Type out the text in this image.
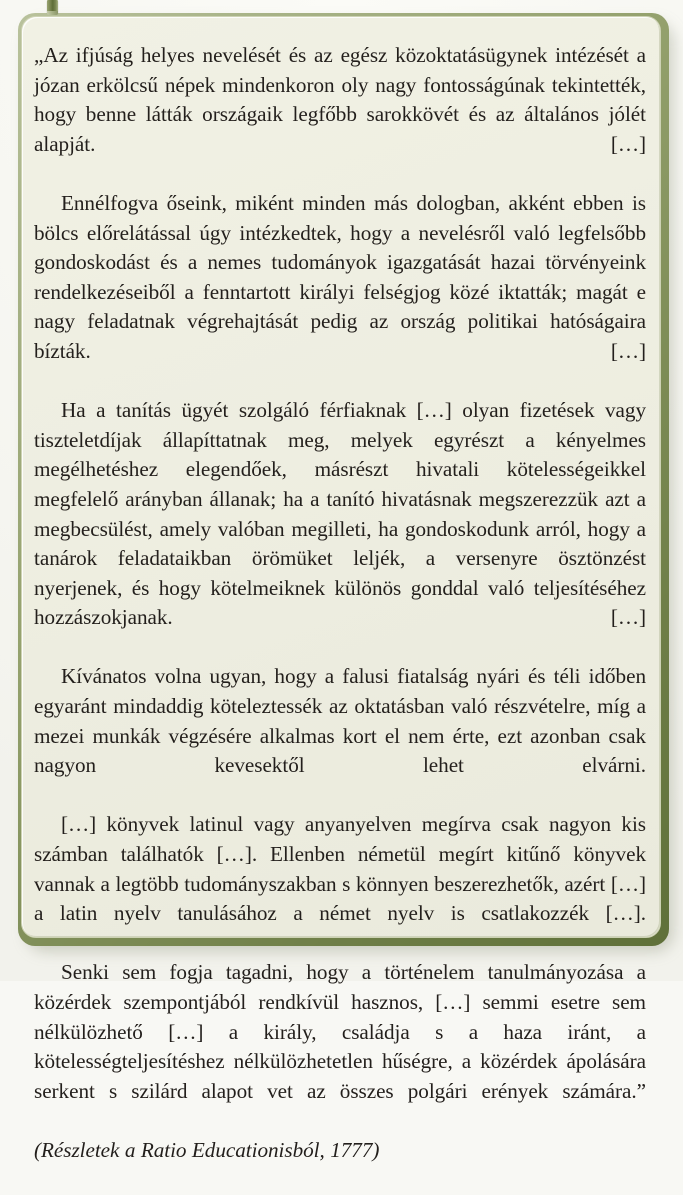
„Az ifjúság helyes nevelését és az egész közoktatásügynek intézését a józan erkölcsű népek mindenkoron oly nagy fontosságúnak tekintették, hogy benne látták országaik legfőbb sarokkövét és az általános jólét alapját. […]

Ennélfogva őseink, miként minden más dologban, akként ebben is bölcs előrelátással úgy intézkedtek, hogy a nevelésről való legfelsőbb gondoskodást és a nemes tudományok igazgatását hazai törvényeink rendelkezéseiből a fenntartott királyi felségjog közé iktatták; magát e nagy feladatnak végrehajtását pedig az ország politikai hatóságaira bízták. […]

Ha a tanítás ügyét szolgáló férfiaknak […] olyan fizetések vagy tiszteletdíjak állapíttatnak meg, melyek egyrészt a kényelmes megélhetéshez elegendőek, másrészt hivatali kötelességeikkel megfelelő arányban állanak; ha a tanító hivatásnak megszerezzük azt a megbecsülést, amely valóban megilleti, ha gondoskodunk arról, hogy a tanárok feladataikban örömüket leljék, a versenyre ösztönzést nyerjenek, és hogy kötelmeiknek különös gonddal való teljesítéséhez hozzászokjanak. […]

Kívánatos volna ugyan, hogy a falusi fiatalság nyári és téli időben egyaránt mindaddig köteleztessék az oktatásban való részvételre, míg a mezei munkák végzésére alkalmas kort el nem érte, ezt azonban csak nagyon kevesektől lehet elvárni.

[…] könyvek latinul vagy anyanyelven megírva csak nagyon kis számban találhatók […]. Ellenben németül megírt kitűnő könyvek vannak a legtöbb tudományszakban s könnyen beszerezhetők, azért […] a latin nyelv tanulásához a német nyelv is csatlakozzék […].

Senki sem fogja tagadni, hogy a történelem tanulmányozása a közérdek szempontjából rendkívül hasznos, […] semmi esetre sem nélkülözhető […] a király, családja s a haza iránt, a kötelességteljesítéshez nélkülözhetetlen hűségre, a közérdek ápolására serkent s szilárd alapot vet az összes polgári erények számára.”

(Részletek a Ratio Educationisból, 1777)
